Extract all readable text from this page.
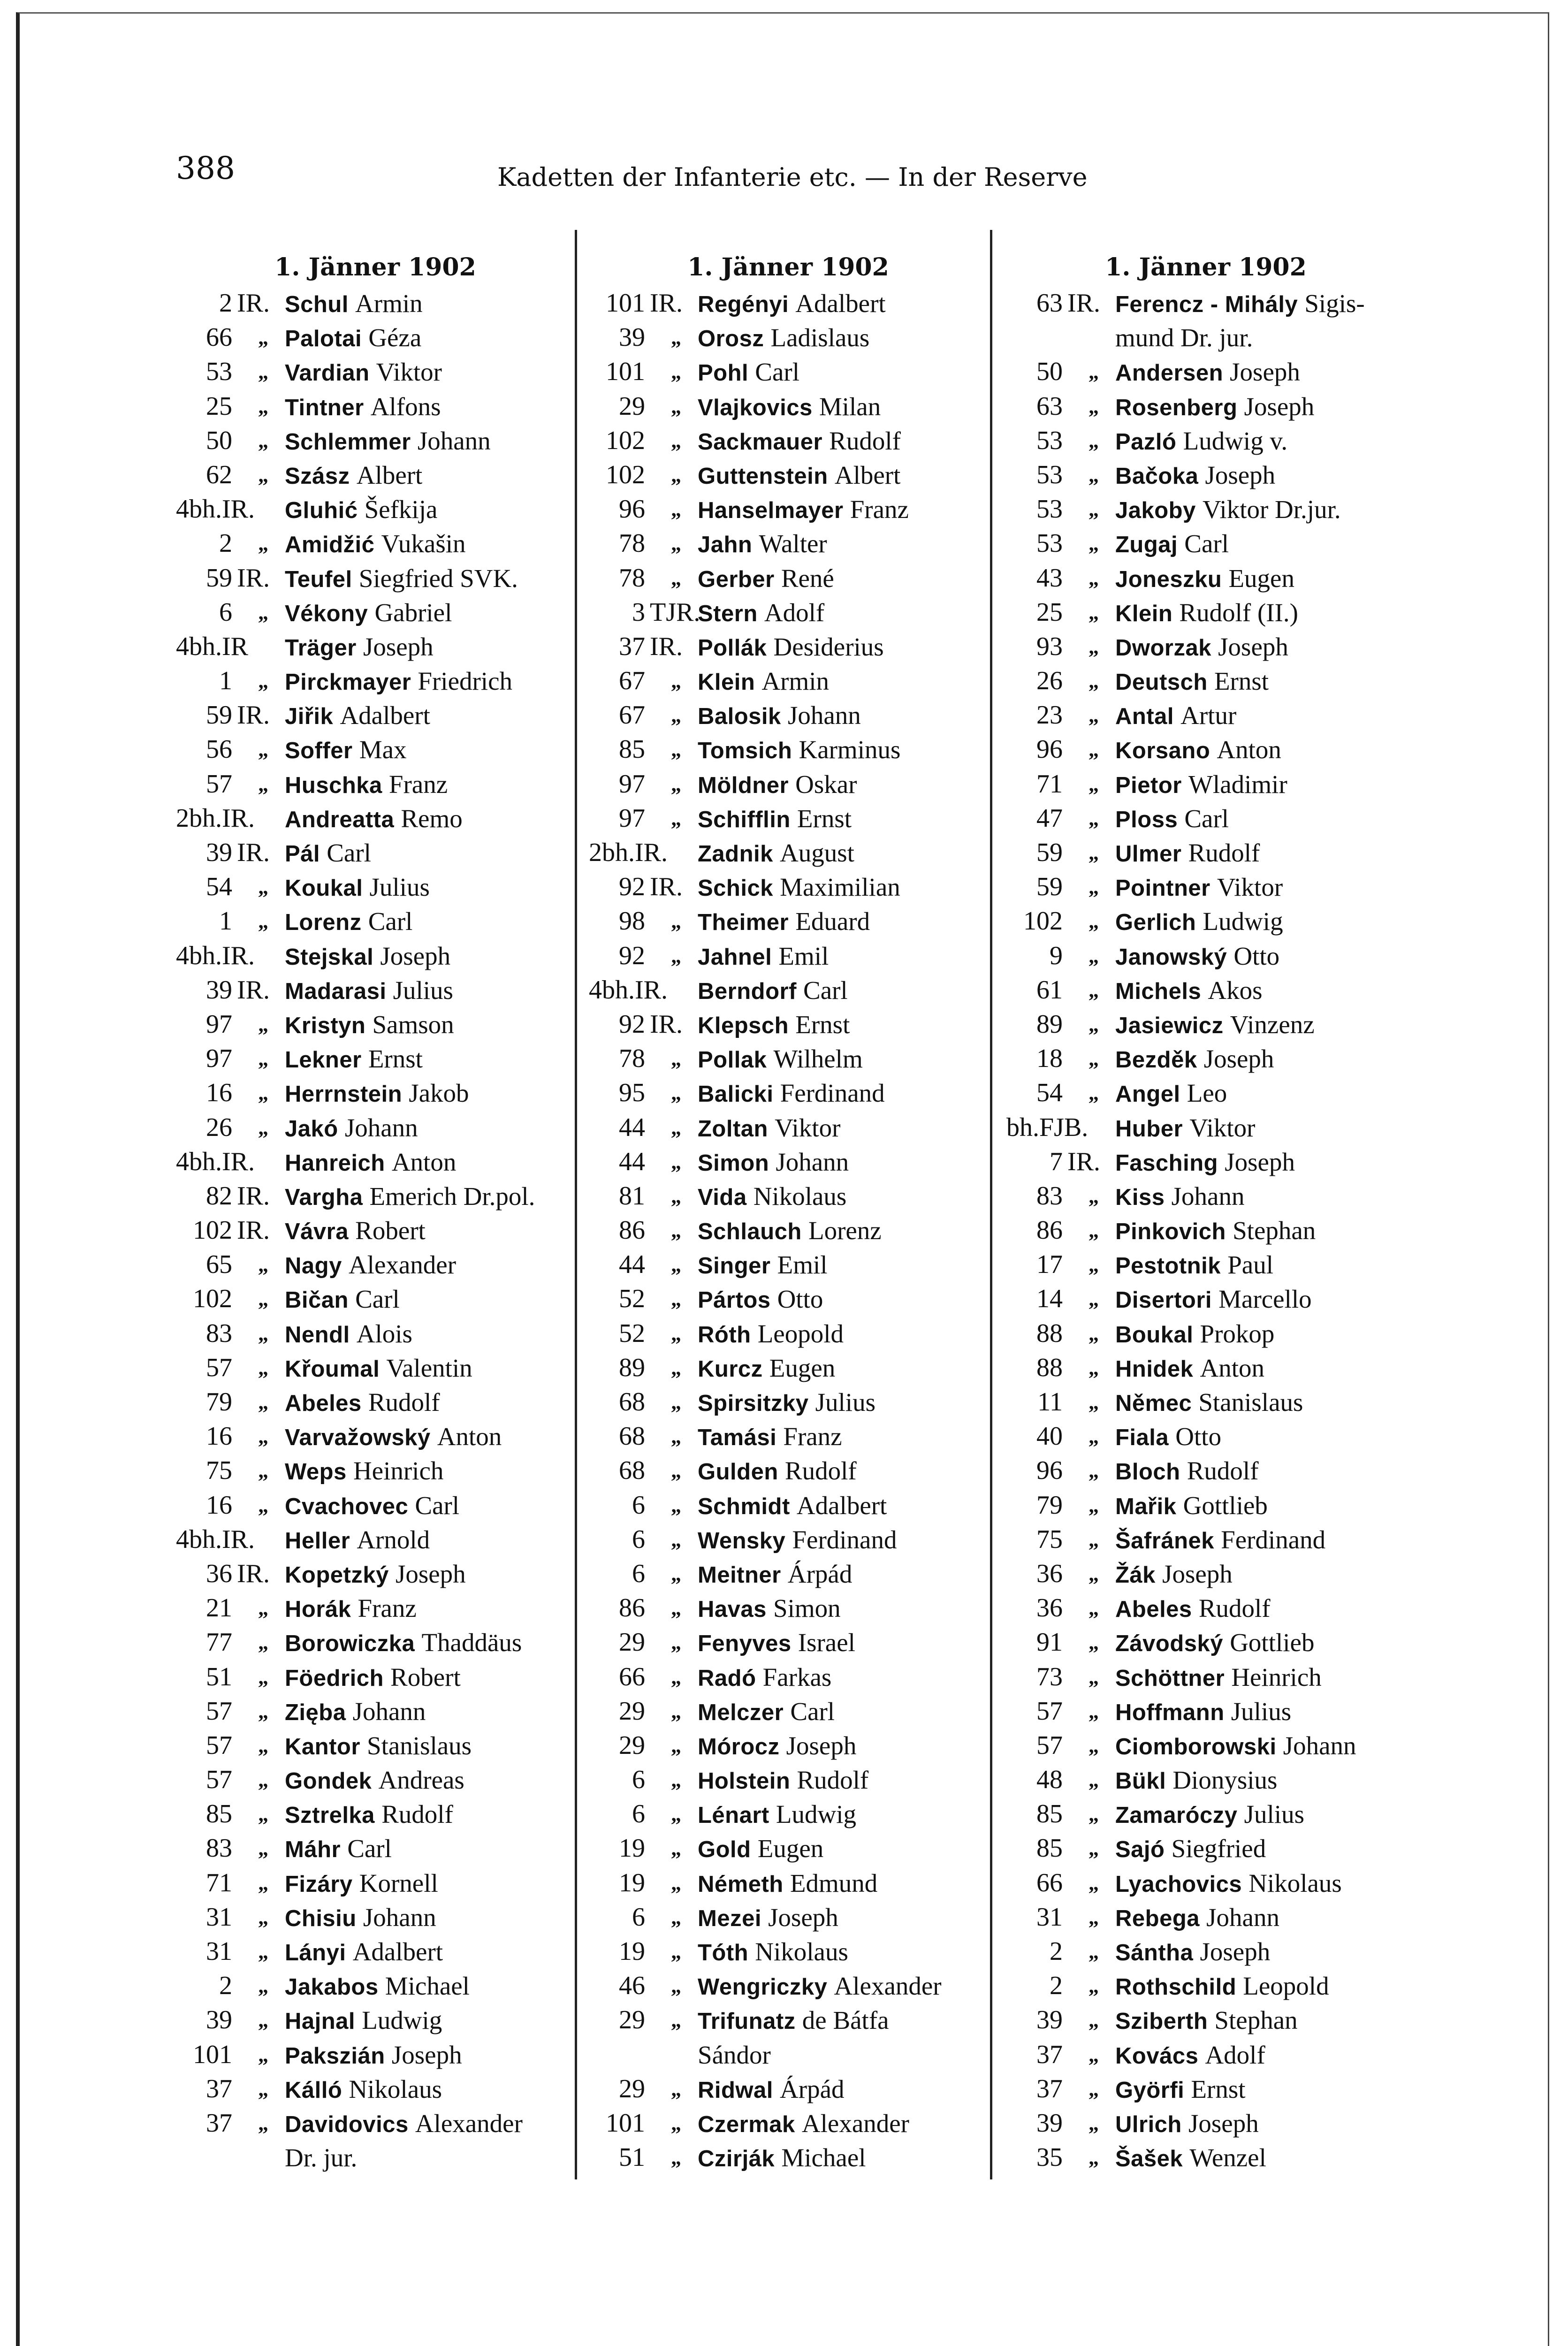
388	Kadetten der Infanterie etc. — In der Reserve
1. Jänner 1902
2 IR. Schul Armin
66 „ Palotai Géza
53 „ Vardian Viktor
25 „ Tintner Alfons
50 „ Schlemmer Johann
62 „ Szász Albert
4bh.IR. Gluhić Šefkija
2 „ Amidžić Vukašin
59 IR. Teufel Siegfried SVK.
6 „ Vékony Gabriel
4bh.IR Träger Joseph
1 „ Pirckmayer Friedrich
59 IR. Jiřik Adalbert
56 „ Soffer Max
57 „ Huschka Franz
2bh.IR. Andreatta Remo
39 IR. Pál Carl
54 „ Koukal Julius
1 „ Lorenz Carl
4bh.IR. Stejskal Joseph
39 IR. Madarasi Julius
97 „ Kristyn Samson
97 „ Lekner Ernst
16 „ Herrnstein Jakob
26 „ Jakó Johann
4bh.IR. Hanreich Anton
82 IR. Vargha Emerich Dr.pol.
102 IR. Vávra Robert
65 „ Nagy Alexander
102 „ Bičan Carl
83 „ Nendl Alois
57 „ Křoumal Valentin
79 „ Abeles Rudolf
16 „ Varvažowský Anton
75 „ Weps Heinrich
16 „ Cvachovec Carl
4bh.IR. Heller Arnold
36 IR. Kopetzký Joseph
21 „ Horák Franz
77 „ Borowiczka Thaddäus
51 „ Föedrich Robert
57 „ Zięba Johann
57 „ Kantor Stanislaus
57 „ Gondek Andreas
85 „ Sztrelka Rudolf
83 „ Máhr Carl
71 „ Fizáry Kornell
31 „ Chisiu Johann
31 „ Lányi Adalbert
2 „ Jakabos Michael
39 „ Hajnal Ludwig
101 „ Pakszián Joseph
37 „ Kálló Nikolaus
37 „ Davidovics Alexander
Dr. jur.
1. Jänner 1902
101 IR. Regényi Adalbert
39 „ Orosz Ladislaus
101 „ Pohl Carl
29 „ Vlajkovics Milan
102 „ Sackmauer Rudolf
102 „ Guttenstein Albert
96 „ Hanselmayer Franz
78 „ Jahn Walter
78 „ Gerber René
3 TJR.
Stern Adolf
37 IR. Pollák Desiderius
67 „ Klein Armin
67 „ Balosik Johann
85 „ Tomsich Karminus
97 „ Möldner Oskar
97 „ Schifflin Ernst
2bh.IR. Zadnik August
92 IR. Schick Maximilian
98 „ Theimer Eduard
92 „ Jahnel Emil
4bh.IR. Berndorf Carl
92 IR. Klepsch Ernst
78 „ Pollak Wilhelm
95 „ Balicki Ferdinand
44 „ Zoltan Viktor
44 „ Simon Johann
81 „ Vida Nikolaus
86 „ Schlauch Lorenz
44 „ Singer Emil
52 „ Pártos Otto
52 „ Róth Leopold
89 „ Kurcz Eugen
68 „ Spirsitzky Julius
68 „ Tamási Franz
68 „ Gulden Rudolf
6 „ Schmidt Adalbert
6 „ Wensky Ferdinand
6 „ Meitner Árpád
86 „ Havas Simon
29 „ Fenyves Israel
66 „ Radó Farkas
29 „ Melczer Carl
29 „ Mórocz Joseph
6 „ Holstein Rudolf
6 „ Lénart Ludwig
19 „ Gold Eugen
19 „ Németh Edmund
6 „ Mezei Joseph
19 „ Tóth Nikolaus
46 „ Wengriczky Alexander
29 „ Trifunatz de Bátfa
Sándor
29 „ Ridwal Árpád
101 „ Czermak Alexander
51 „ Czirják Michael
1. Jänner 1902
63 IR. Ferencz - Mihály Sigis-
mund Dr. jur.
50 „ Andersen Joseph
63 „ Rosenberg Joseph
53 „ Pazló Ludwig v.
53 „ Bačoka Joseph
53 „ Jakoby Viktor Dr.jur.
53 „ Zugaj Carl
43 „ Joneszku Eugen
25 „ Klein Rudolf (II.)
93 „ Dworzak Joseph
26 „ Deutsch Ernst
23 „ Antal Artur
96 „ Korsano Anton
71 „ Pietor Wladimir
47 „ Ploss Carl
59 „ Ulmer Rudolf
59 „ Pointner Viktor
102 „ Gerlich Ludwig
9 „ Janowský Otto
61 „ Michels Akos
89 „ Jasiewicz Vinzenz
18 „ Bezděk Joseph
54 „ Angel Leo
bh.FJB. Huber Viktor
7 IR. Fasching Joseph
83 „ Kiss Johann
86 „ Pinkovich Stephan
17 „ Pestotnik Paul
14 „ Disertori Marcello
88 „ Boukal Prokop
88 „ Hnidek Anton
11 „ Němec Stanislaus
40 „ Fiala Otto
96 „ Bloch Rudolf
79 „ Mařik Gottlieb
75 „ Šafránek Ferdinand
36 „ Žák Joseph
36 „ Abeles Rudolf
91 „ Závodský Gottlieb
73 „ Schöttner Heinrich
57 „ Hoffmann Julius
57 „ Ciomborowski Johann
48 „ Bükl Dionysius
85 „ Zamaróczy Julius
85 „ Sajó Siegfried
66 „ Lyachovics Nikolaus
31 „ Rebega Johann
2 „ Sántha Joseph
2 „ Rothschild Leopold
39 „ Sziberth Stephan
37 „ Kovács Adolf
37 „ Györfi Ernst
39 „ Ulrich Joseph
35 „ Šašek Wenzel
